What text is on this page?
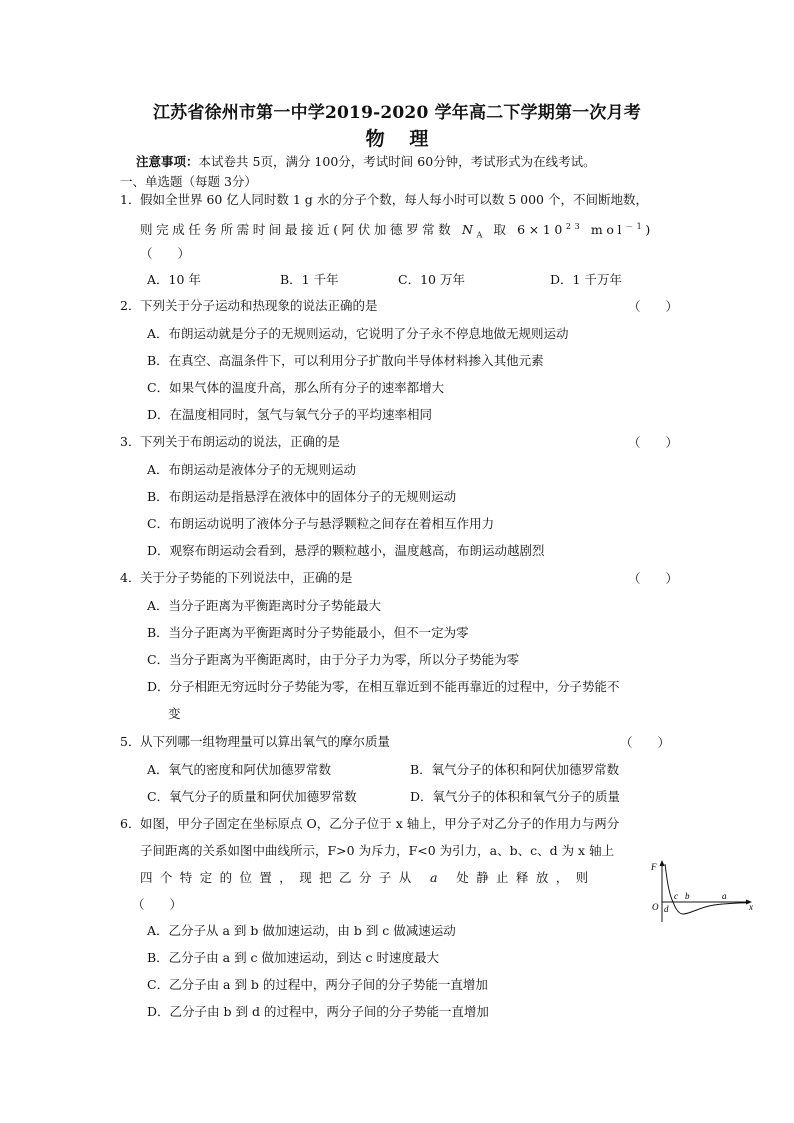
江苏省徐州市第一中学2019-2020 学年高二下学期第一次月考
物 理
注意事项：本试卷共 5页，满分 100分，考试时间 60分钟，考试形式为在线考试。
一、单选题（每题 3分）
1． 假如全世界 60 亿人同时数 1 g 水的分子个数，每人每小时可以数 5 000 个，不间断地数，
则完成任务所需时间最接近(阿伏加德罗常数 $N_A$ 取 $6\times 10^{23}$ mol$^{-1}$)
（　　）
A．10 年	B．1 千年	C．10 万年	D．1 千万年
2． 下列关于分子运动和热现象的说法正确的是	（　　）
A．布朗运动就是分子的无规则运动，它说明了分子永不停息地做无规则运动
B．在真空、高温条件下，可以利用分子扩散向半导体材料掺入其他元素
C．如果气体的温度升高，那么所有分子的速率都增大
D．在温度相同时，氢气与氧气分子的平均速率相同
3． 下列关于布朗运动的说法，正确的是	（　　）
A．布朗运动是液体分子的无规则运动
B．布朗运动是指悬浮在液体中的固体分子的无规则运动
C．布朗运动说明了液体分子与悬浮颗粒之间存在着相互作用力
D．观察布朗运动会看到，悬浮的颗粒越小，温度越高，布朗运动越剧烈
4． 关于分子势能的下列说法中，正确的是	（　　）
A．当分子距离为平衡距离时分子势能最大
B．当分子距离为平衡距离时分子势能最小，但不一定为零
C．当分子距离为平衡距离时，由于分子力为零，所以分子势能为零
D．分子相距无穷远时分子势能为零，在相互靠近到不能再靠近的过程中，分子势能不
变
5． 从下列哪一组物理量可以算出氧气的摩尔质量	（　　）
A．氧气的密度和阿伏加德罗常数	B．氧气分子的体积和阿伏加德罗常数
C．氧气分子的质量和阿伏加德罗常数	D．氧气分子的体积和氧气分子的质量
6． 如图，甲分子固定在坐标原点 O，乙分子位于 x 轴上，甲分子对乙分子的作用力与两分
子间距离的关系如图中曲线所示，F>0 为斥力，F<0 为引力，a、b、c、d 为 x 轴上
四个特定的位置，现把乙分子从 a 处静止释放，则
（　　）
A．乙分子从 a 到 b 做加速运动，由 b 到 c 做减速运动
B．乙分子由 a 到 c 做加速运动，到达 c 时速度最大
C．乙分子由 a 到 b 的过程中，两分子间的分子势能一直增加
D．乙分子由 b 到 d 的过程中，两分子间的分子势能一直增加
F
O	x
c b	a
d
